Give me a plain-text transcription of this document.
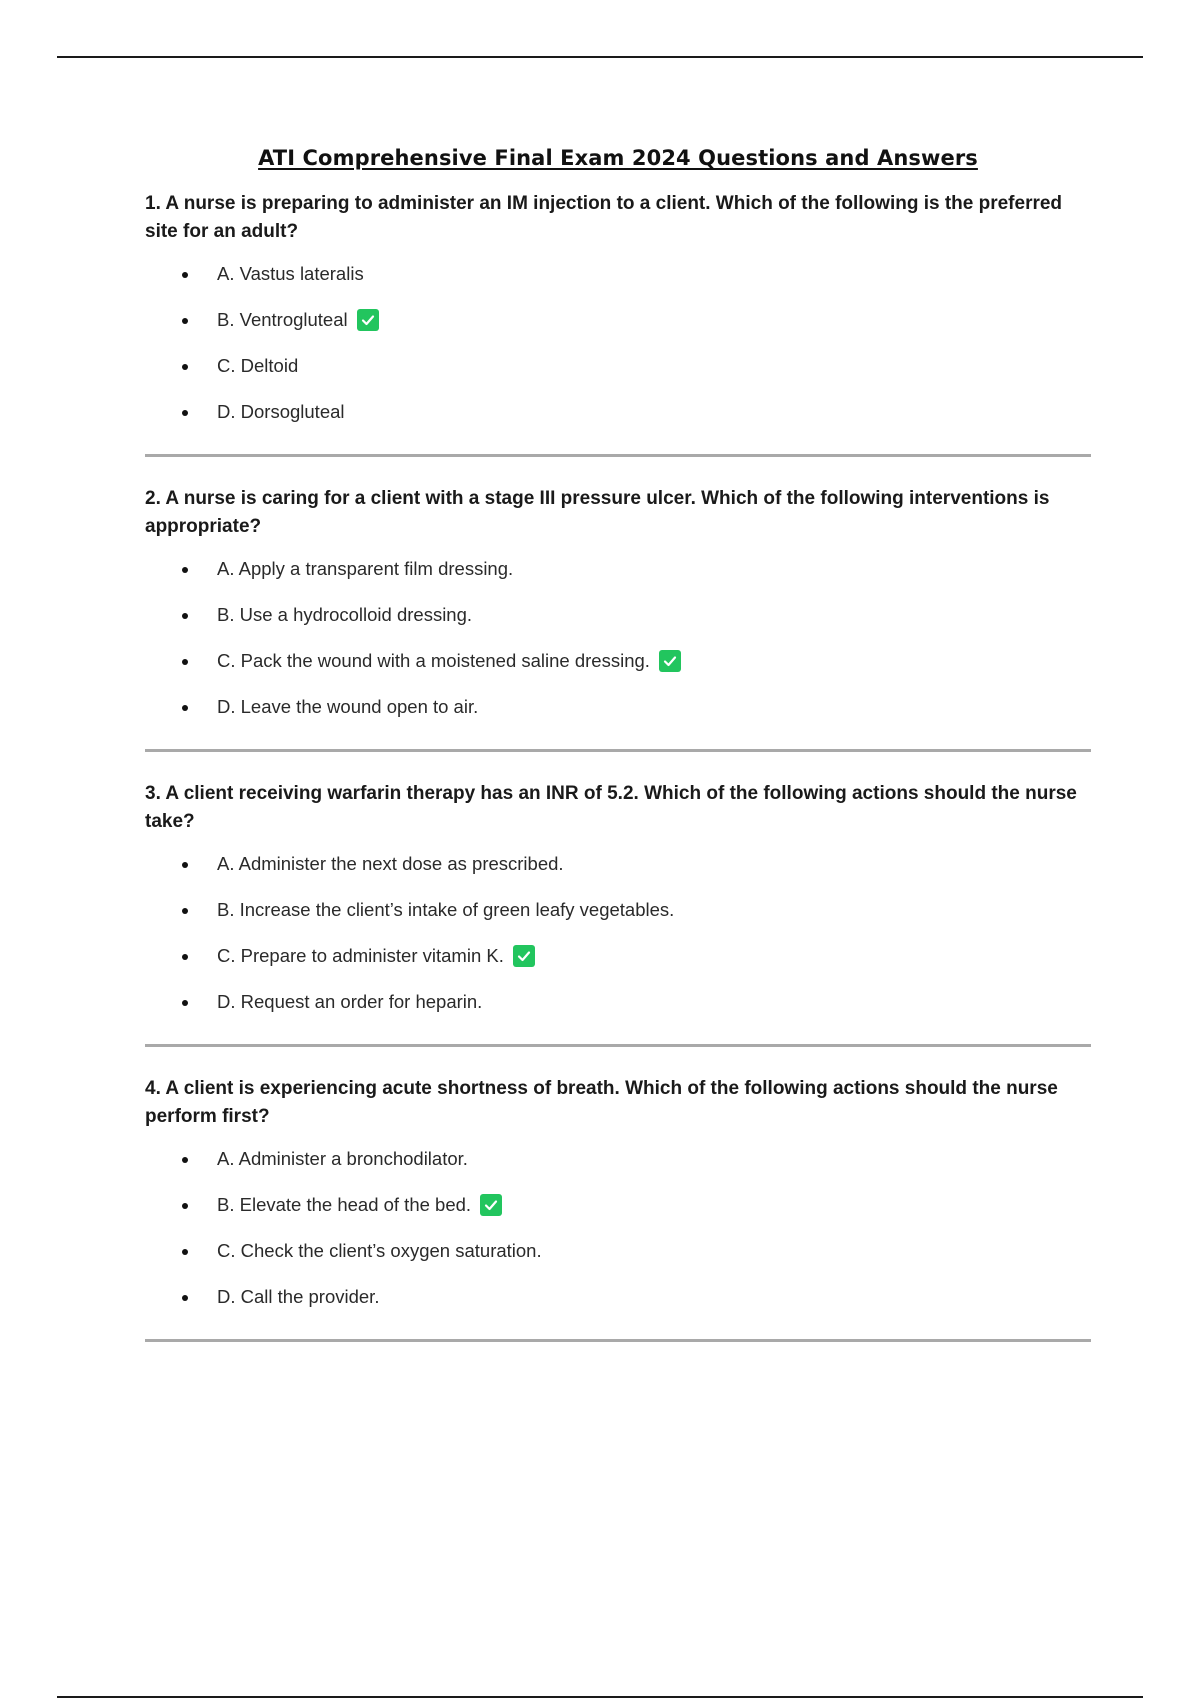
ATI Comprehensive Final Exam 2024 Questions and Answers

1. A nurse is preparing to administer an IM injection to a client. Which of the following is the preferred site for an adult?

A. Vastus lateralis
B. Ventrogluteal
C. Deltoid
D. Dorsogluteal

2. A nurse is caring for a client with a stage III pressure ulcer. Which of the following interventions is appropriate?

A. Apply a transparent film dressing.
B. Use a hydrocolloid dressing.
C. Pack the wound with a moistened saline dressing.
D. Leave the wound open to air.

3. A client receiving warfarin therapy has an INR of 5.2. Which of the following actions should the nurse take?

A. Administer the next dose as prescribed.
B. Increase the client’s intake of green leafy vegetables.
C. Prepare to administer vitamin K.
D. Request an order for heparin.

4. A client is experiencing acute shortness of breath. Which of the following actions should the nurse perform first?

A. Administer a bronchodilator.
B. Elevate the head of the bed.
C. Check the client’s oxygen saturation.
D. Call the provider.
